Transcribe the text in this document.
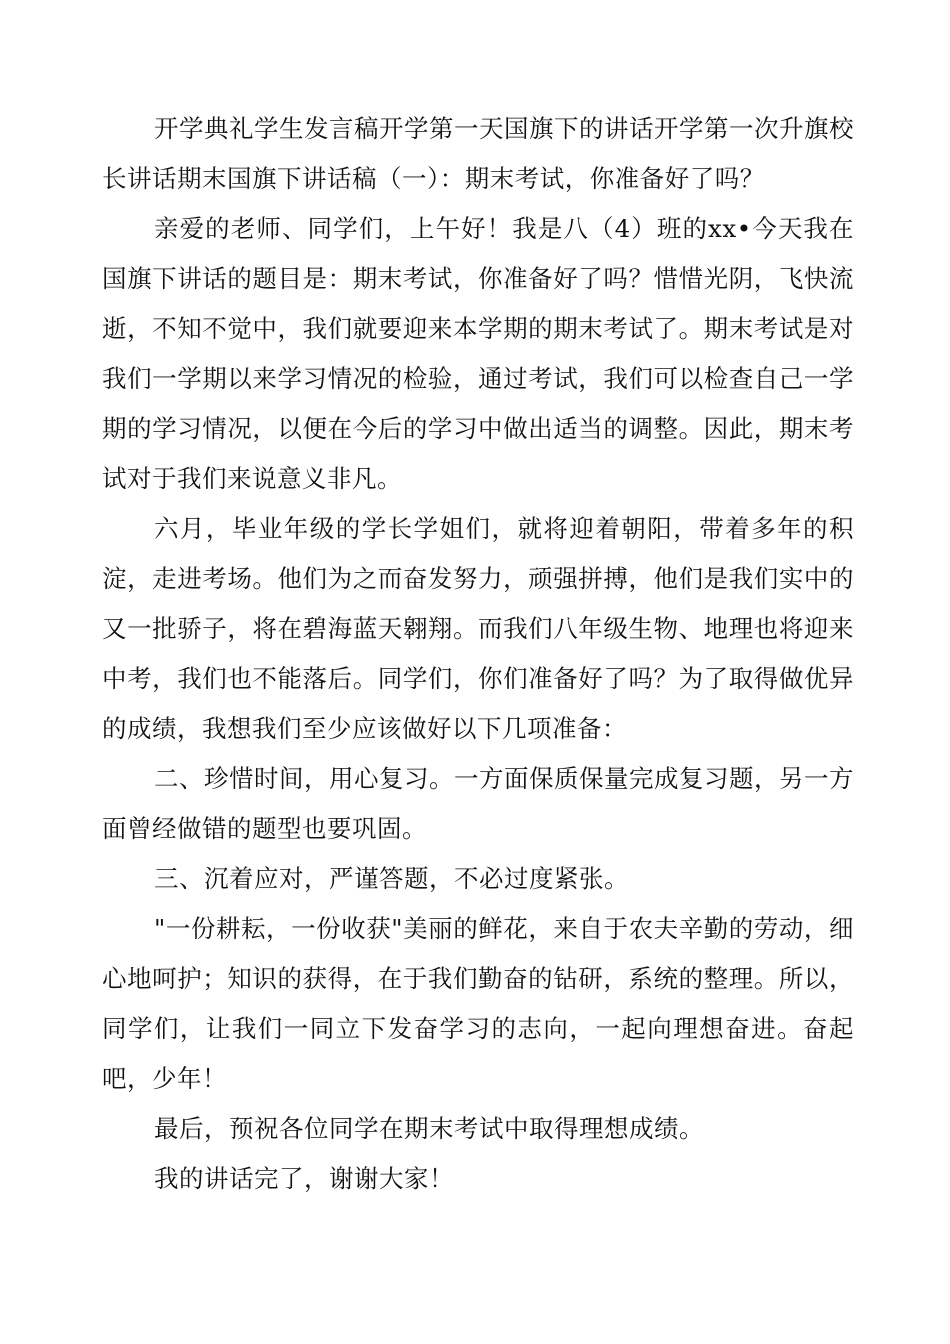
开学典礼学生发言稿开学第一天国旗下的讲话开学第一次升旗校长讲话期末国旗下讲话稿（一）：期末考试，你准备好了吗？

亲爱的老师、同学们，上午好！我是八（4）班的xx•今天我在国旗下讲话的题目是：期末考试，你准备好了吗？惜惜光阴，飞快流逝，不知不觉中，我们就要迎来本学期的期末考试了。期末考试是对我们一学期以来学习情况的检验，通过考试，我们可以检查自己一学期的学习情况，以便在今后的学习中做出适当的调整。因此，期末考试对于我们来说意义非凡。

六月，毕业年级的学长学姐们，就将迎着朝阳，带着多年的积淀，走进考场。他们为之而奋发努力，顽强拼搏，他们是我们实中的又一批骄子，将在碧海蓝天翱翔。而我们八年级生物、地理也将迎来中考，我们也不能落后。同学们，你们准备好了吗？为了取得做优异的成绩，我想我们至少应该做好以下几项准备：

二、珍惜时间，用心复习。一方面保质保量完成复习题，另一方面曾经做错的题型也要巩固。

三、沉着应对，严谨答题，不必过度紧张。

"一份耕耘，一份收获"美丽的鲜花，来自于农夫辛勤的劳动，细心地呵护；知识的获得，在于我们勤奋的钻研，系统的整理。所以，同学们，让我们一同立下发奋学习的志向，一起向理想奋进。奋起吧，少年！

最后，预祝各位同学在期末考试中取得理想成绩。

我的讲话完了，谢谢大家！
